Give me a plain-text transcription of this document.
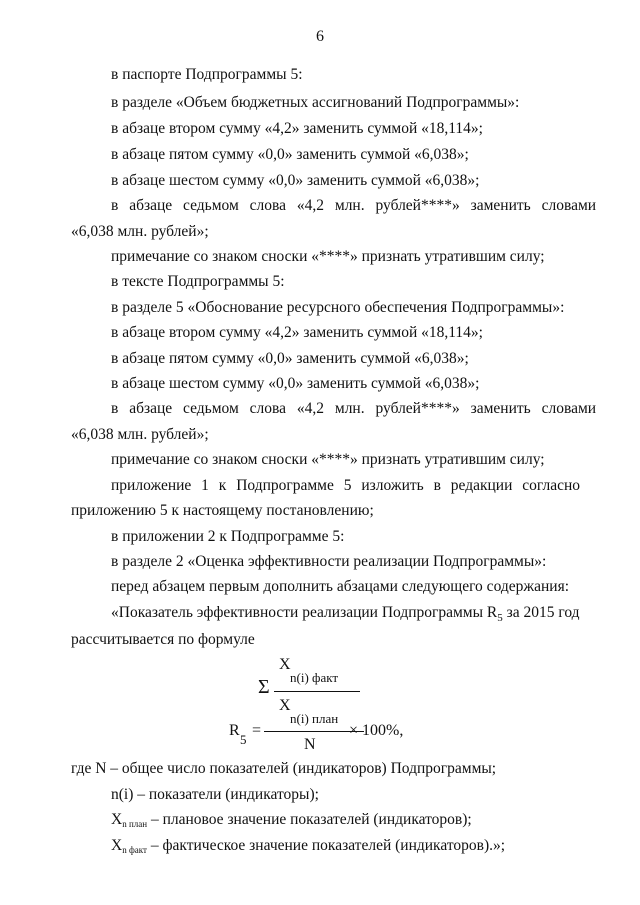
6
в паспорте Подпрограммы 5:
в разделе «Объем бюджетных ассигнований Подпрограммы»:
в абзаце втором сумму «4,2» заменить суммой «18,114»;
в абзаце пятом сумму «0,0» заменить суммой «6,038»;
в абзаце шестом сумму «0,0» заменить суммой «6,038»;
в абзаце седьмом слова «4,2 млн. рублей****» заменить словами
«6,038 млн. рублей»;
примечание со знаком сноски «****» признать утратившим силу;
в тексте Подпрограммы 5:
в разделе 5 «Обоснование ресурсного обеспечения Подпрограммы»:
в абзаце втором сумму «4,2» заменить суммой «18,114»;
в абзаце пятом сумму «0,0» заменить суммой «6,038»;
в абзаце шестом сумму «0,0» заменить суммой «6,038»;
в абзаце седьмом слова «4,2 млн. рублей****» заменить словами
«6,038 млн. рублей»;
примечание со знаком сноски «****» признать утратившим силу;
приложение 1 к Подпрограмме 5 изложить в редакции согласно
приложению 5 к настоящему постановлению;
в приложении 2 к Подпрограмме 5:
в разделе 2 «Оценка эффективности реализации Подпрограммы»:
перед абзацем первым дополнить абзацами следующего содержания:
«Показатель эффективности реализации Подпрограммы $R_5$ за 2015 год
рассчитывается по формуле
X
n(i) факт
Σ
X
n(i) план
R
5
=
N
× 100%,
где N – общее число показателей (индикаторов) Подпрограммы;
n(i) – показатели (индикаторы);
Xn план – плановое значение показателей (индикаторов);
Xn факт – фактическое значение показателей (индикаторов).»;
